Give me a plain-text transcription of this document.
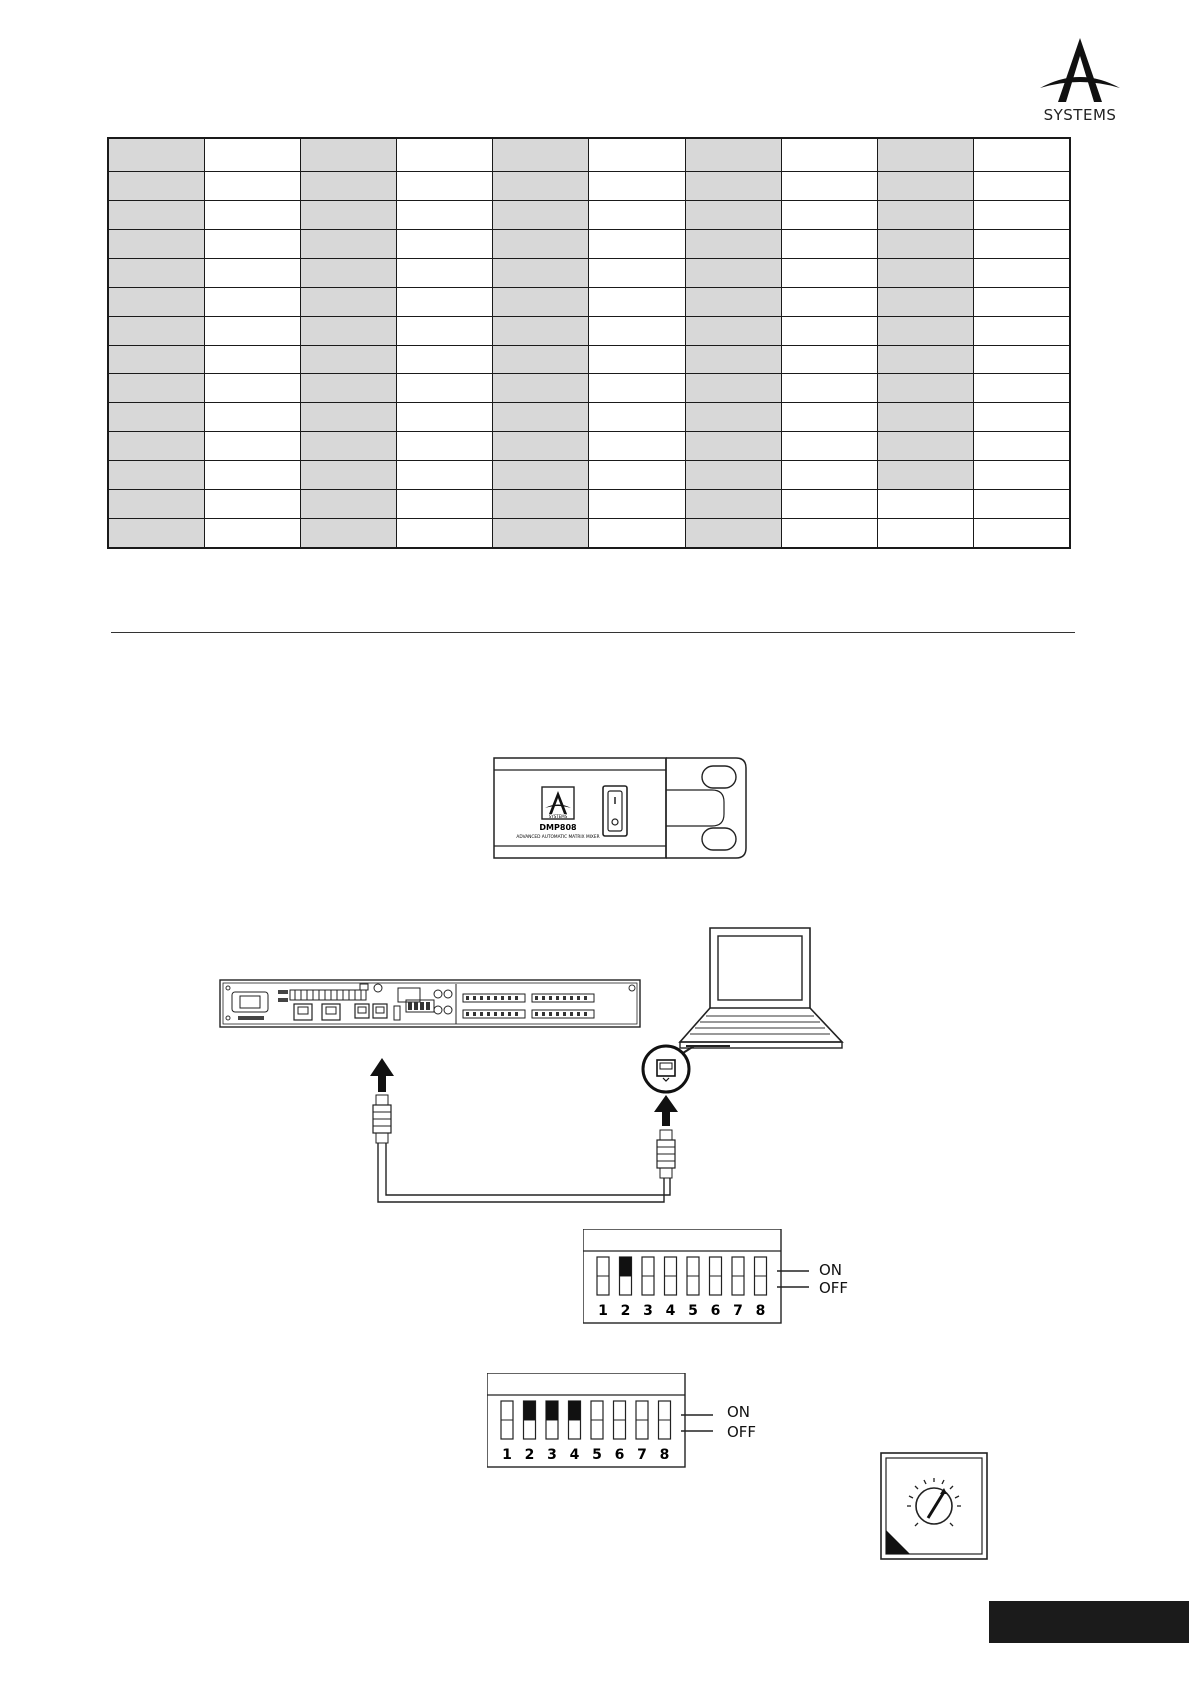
SYSTEMS

SYSTEMS
DMP808
ADVANCED AUTOMATIC MATRIX MIXER
1 2 3 4 5 6 7 8
ON
OFF
1 2 3 4 5 6 7 8
ON
OFF
